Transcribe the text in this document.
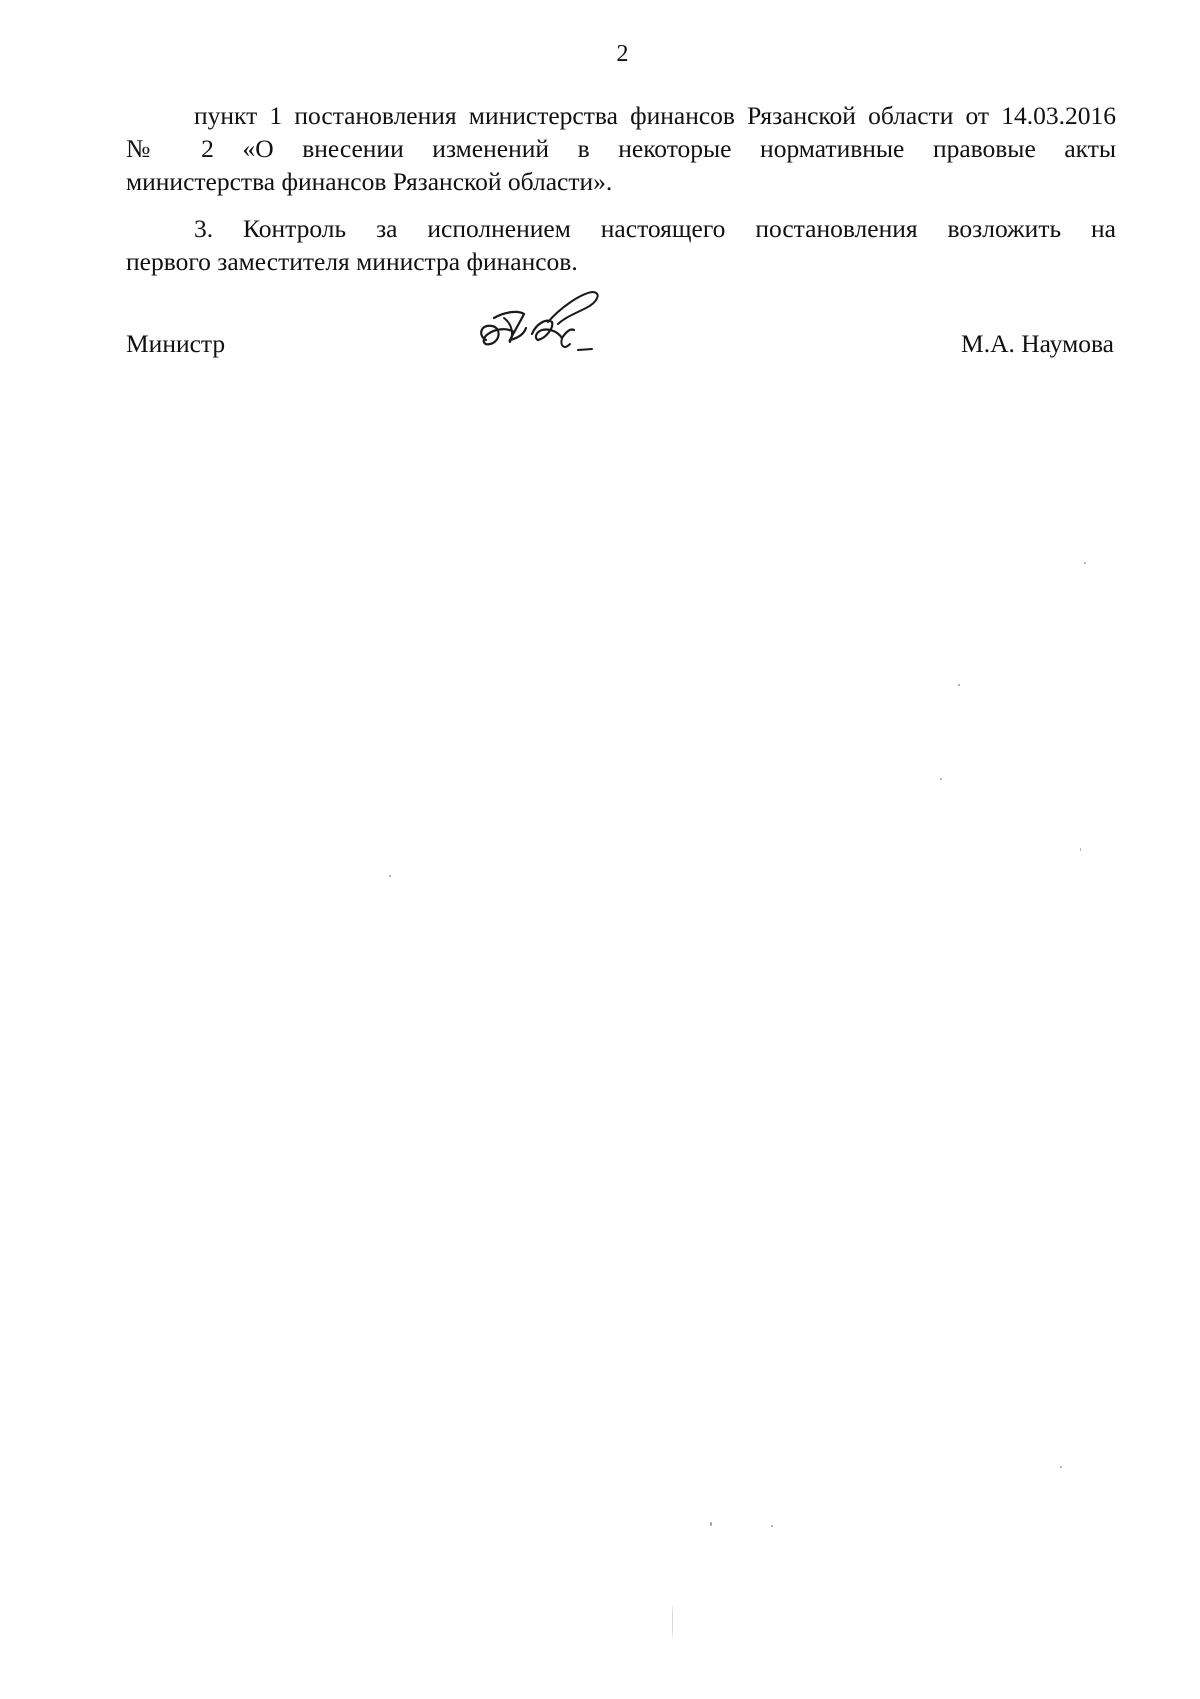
2
пункт 1 постановления министерства финансов Рязанской области от 14.03.2016
№ 2 «О внесении изменений в некоторые нормативные правовые акты
министерства финансов Рязанской области».
3. Контроль за исполнением настоящего постановления возложить на
первого заместителя министра финансов.
Министр	М.А. Наумова
